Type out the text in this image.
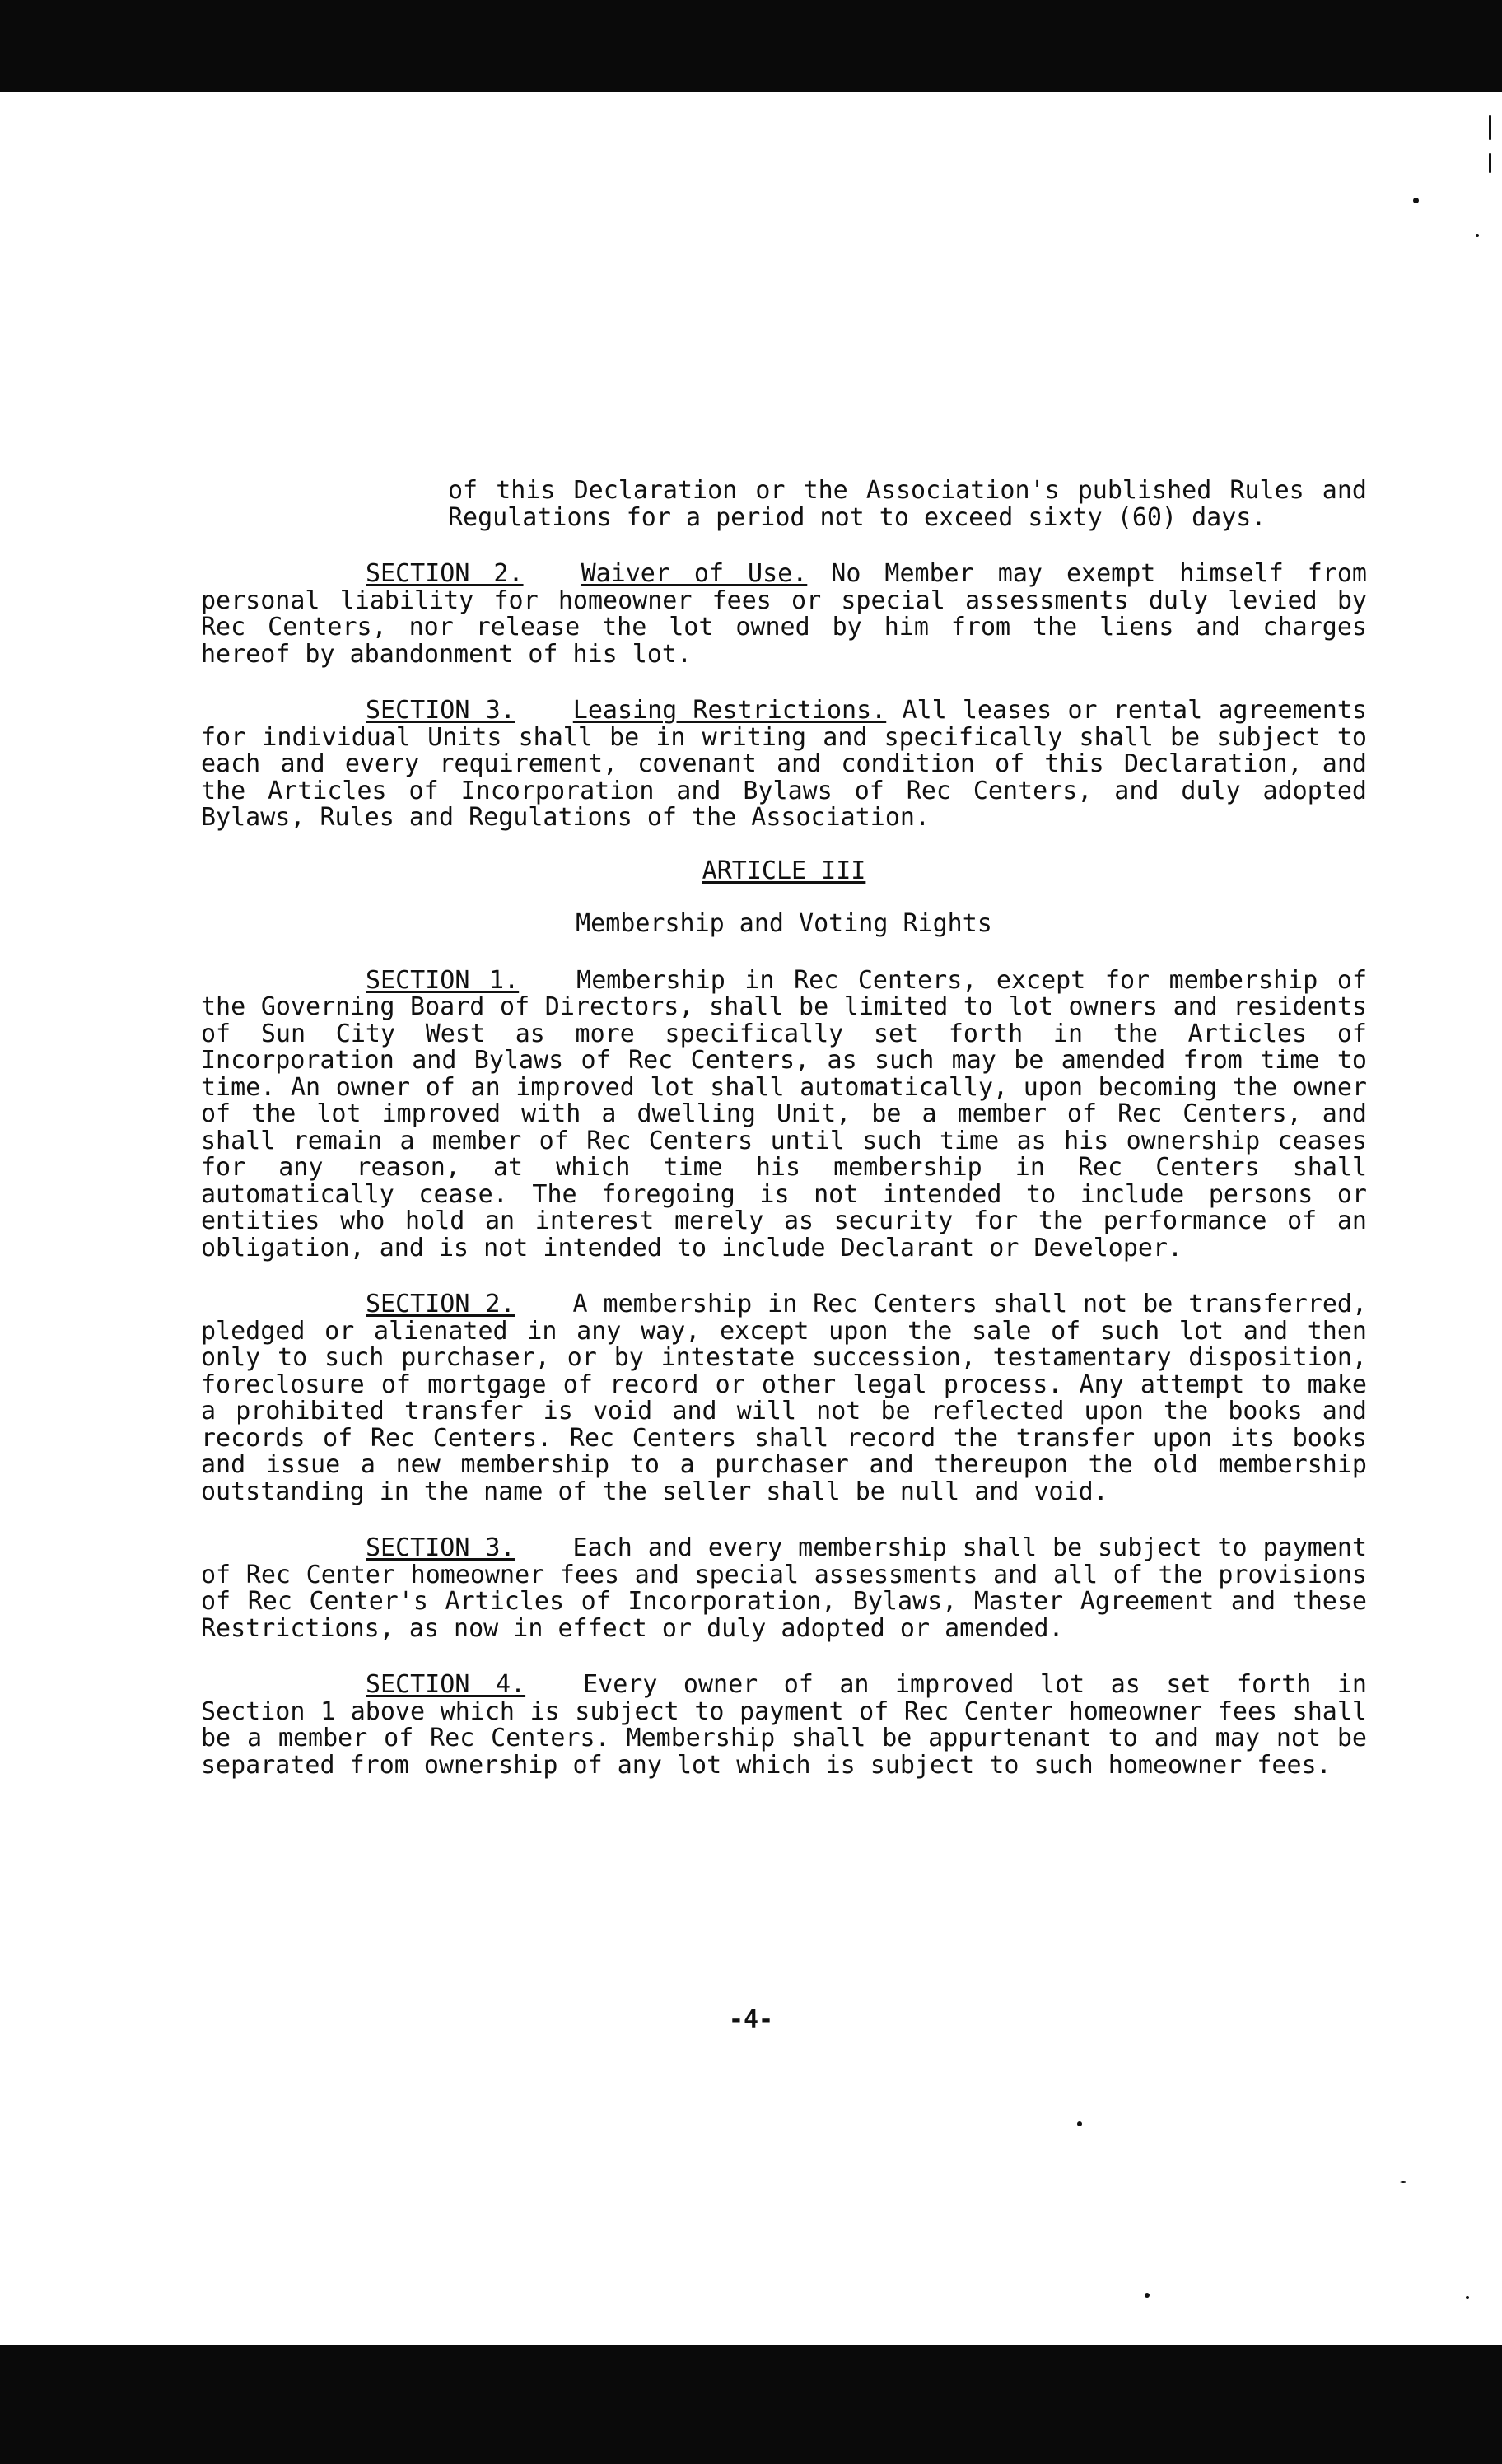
of this Declaration or the Association's published Rules and Regulations for a period not to exceed sixty (60) days.

SECTION 2. Waiver of Use. No Member may exempt himself from personal liability for homeowner fees or special assessments duly levied by Rec Centers, nor release the lot owned by him from the liens and charges hereof by abandonment of his lot.

SECTION 3. Leasing Restrictions. All leases or rental agreements for individual Units shall be in writing and specifically shall be subject to each and every requirement, covenant and condition of this Declaration, and the Articles of Incorporation and Bylaws of Rec Centers, and duly adopted Bylaws, Rules and Regulations of the Association.

ARTICLE III

Membership and Voting Rights

SECTION 1. Membership in Rec Centers, except for membership of the Governing Board of Directors, shall be limited to lot owners and residents of Sun City West as more specifically set forth in the Articles of Incorporation and Bylaws of Rec Centers, as such may be amended from time to time. An owner of an improved lot shall automatically, upon becoming the owner of the lot improved with a dwelling Unit, be a member of Rec Centers, and shall remain a member of Rec Centers until such time as his ownership ceases for any reason, at which time his membership in Rec Centers shall automatically cease. The foregoing is not intended to include persons or entities who hold an interest merely as security for the performance of an obligation, and is not intended to include Declarant or Developer.

SECTION 2. A membership in Rec Centers shall not be transferred, pledged or alienated in any way, except upon the sale of such lot and then only to such purchaser, or by intestate succession, testamentary disposition, foreclosure of mortgage of record or other legal process. Any attempt to make a prohibited transfer is void and will not be reflected upon the books and records of Rec Centers. Rec Centers shall record the transfer upon its books and issue a new membership to a purchaser and thereupon the old membership outstanding in the name of the seller shall be null and void.

SECTION 3. Each and every membership shall be subject to payment of Rec Center homeowner fees and special assessments and all of the provisions of Rec Center's Articles of Incorporation, Bylaws, Master Agreement and these Restrictions, as now in effect or duly adopted or amended.

SECTION 4. Every owner of an improved lot as set forth in Section 1 above which is subject to payment of Rec Center homeowner fees shall be a member of Rec Centers. Membership shall be appurtenant to and may not be separated from ownership of any lot which is subject to such homeowner fees.

-4-
